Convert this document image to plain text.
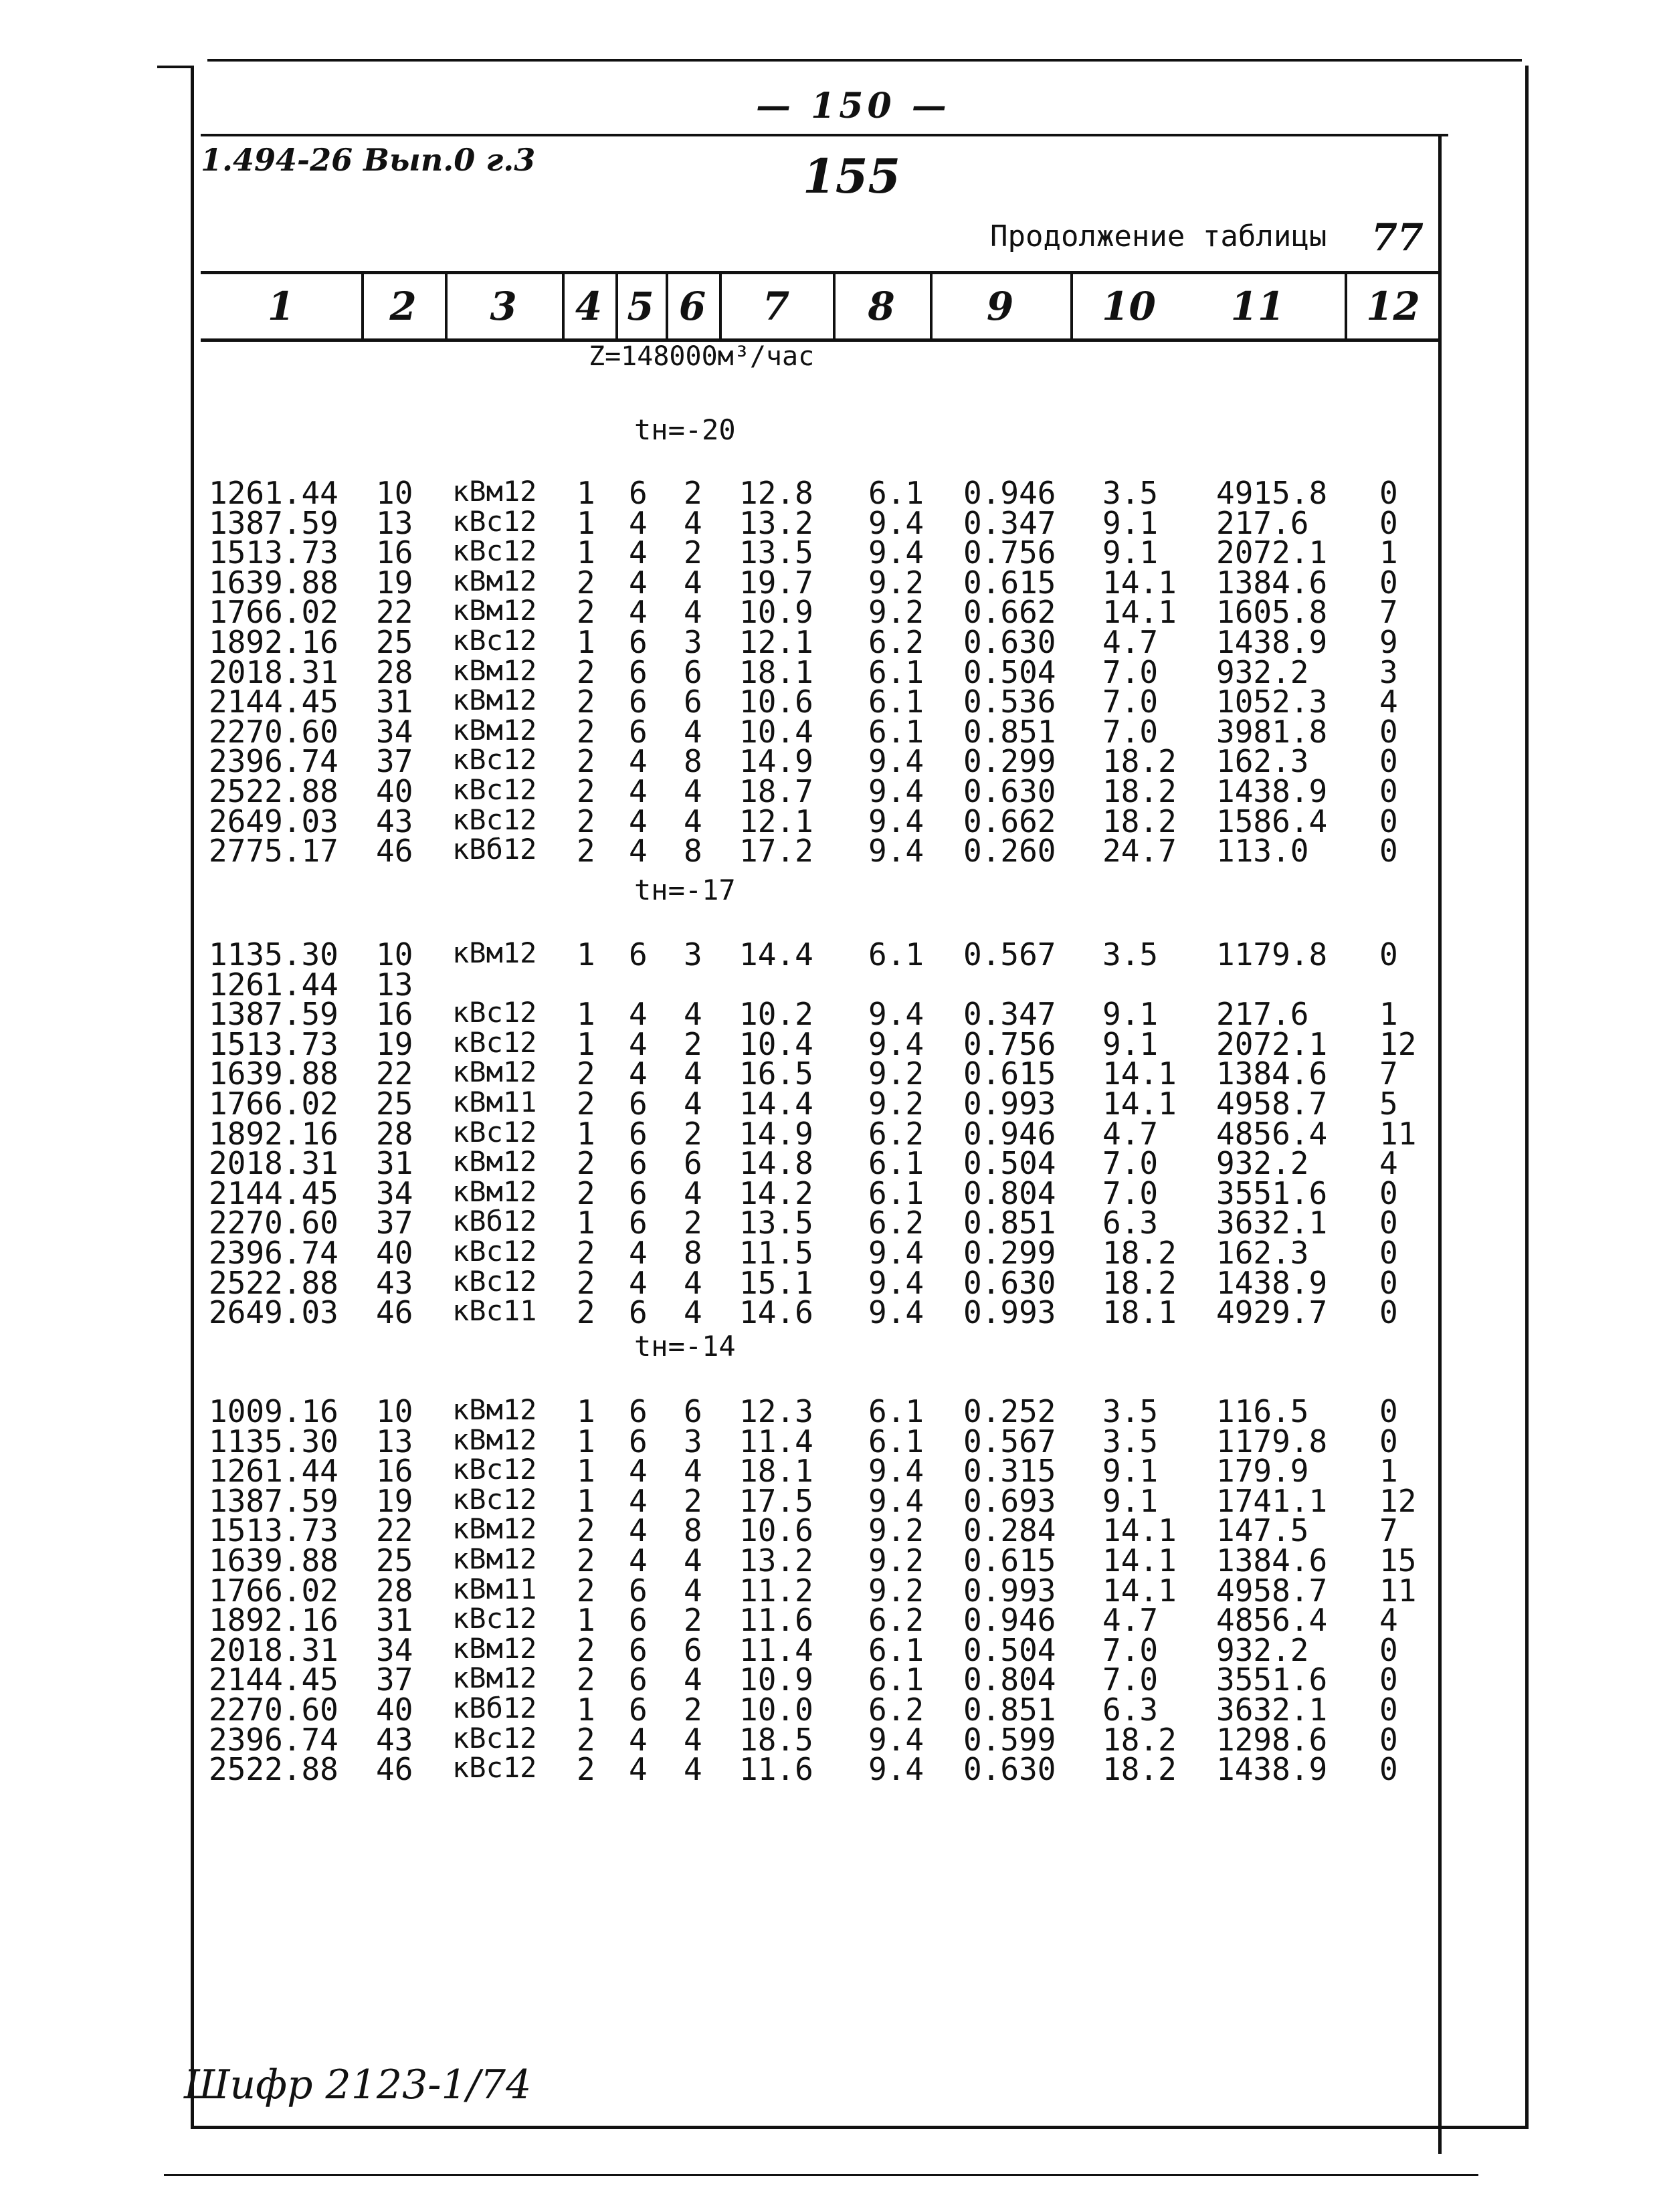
1.494-26 Вып.0 г.3
— 150 —
155
Продолжение таблицы 77
1	2	3	4 5 6	7	8	9	10	11	12
Z=148000м³/час
tн=-20
tн=-17
tн=-14
1261.44 10 кВм12 1 6 2 12.8 6.1 0.946 3.5 4915.8 0
1387.59 13 кВс12 1 4 4 13.2 9.4 0.347 9.1 217.6 0
1513.73 16 кВс12 1 4 2 13.5 9.4 0.756 9.1 2072.1 1
1639.88 19 кВм12 2 4 4 19.7 9.2 0.615 14.1 1384.6 0
1766.02 22 кВм12 2 4 4 10.9 9.2 0.662 14.1 1605.8 7
1892.16 25 кВс12 1 6 3 12.1 6.2 0.630 4.7 1438.9 9
2018.31 28 кВм12 2 6 6 18.1 6.1 0.504 7.0 932.2 3
2144.45 31 кВм12 2 6 6 10.6 6.1 0.536 7.0 1052.3 4
2270.60 34 кВм12 2 6 4 10.4 6.1 0.851 7.0 3981.8 0
2396.74 37 кВс12 2 4 8 14.9 9.4 0.299 18.2 162.3 0
2522.88 40 кВс12 2 4 4 18.7 9.4 0.630 18.2 1438.9 0
2649.03 43 кВс12 2 4 4 12.1 9.4 0.662 18.2 1586.4 0
2775.17 46 кВб12 2 4 8 17.2 9.4 0.260 24.7 113.0 0
1135.30 10 кВм12 1 6 3 14.4 6.1 0.567 3.5 1179.8 0
1261.44 13
1387.59 16 кВс12 1 4 4 10.2 9.4 0.347 9.1 217.6 1
1513.73 19 кВс12 1 4 2 10.4 9.4 0.756 9.1 2072.1 12
1639.88 22 кВм12 2 4 4 16.5 9.2 0.615 14.1 1384.6 7
1766.02 25 кВм11 2 6 4 14.4 9.2 0.993 14.1 4958.7 5
1892.16 28 кВс12 1 6 2 14.9 6.2 0.946 4.7 4856.4 11
2018.31 31 кВм12 2 6 6 14.8 6.1 0.504 7.0 932.2 4
2144.45 34 кВм12 2 6 4 14.2 6.1 0.804 7.0 3551.6 0
2270.60 37 кВб12 1 6 2 13.5 6.2 0.851 6.3 3632.1 0
2396.74 40 кВс12 2 4 8 11.5 9.4 0.299 18.2 162.3 0
2522.88 43 кВс12 2 4 4 15.1 9.4 0.630 18.2 1438.9 0
2649.03 46 кВс11 2 6 4 14.6 9.4 0.993 18.1 4929.7 0
1009.16 10 кВм12 1 6 6 12.3 6.1 0.252 3.5 116.5 0
1135.30 13 кВм12 1 6 3 11.4 6.1 0.567 3.5 1179.8 0
1261.44 16 кВс12 1 4 4 18.1 9.4 0.315 9.1 179.9 1
1387.59 19 кВс12 1 4 2 17.5 9.4 0.693 9.1 1741.1 12
1513.73 22 кВм12 2 4 8 10.6 9.2 0.284 14.1 147.5 7
1639.88 25 кВм12 2 4 4 13.2 9.2 0.615 14.1 1384.6 15
1766.02 28 кВм11 2 6 4 11.2 9.2 0.993 14.1 4958.7 11
1892.16 31 кВс12 1 6 2 11.6 6.2 0.946 4.7 4856.4 4
2018.31 34 кВм12 2 6 6 11.4 6.1 0.504 7.0 932.2 0
2144.45 37 кВм12 2 6 4 10.9 6.1 0.804 7.0 3551.6 0
2270.60 40 кВб12 1 6 2 10.0 6.2 0.851 6.3 3632.1 0
2396.74 43 кВс12 2 4 4 18.5 9.4 0.599 18.2 1298.6 0
2522.88 46 кВс12 2 4 4 11.6 9.4 0.630 18.2 1438.9 0
Шифр 2123-1/74
